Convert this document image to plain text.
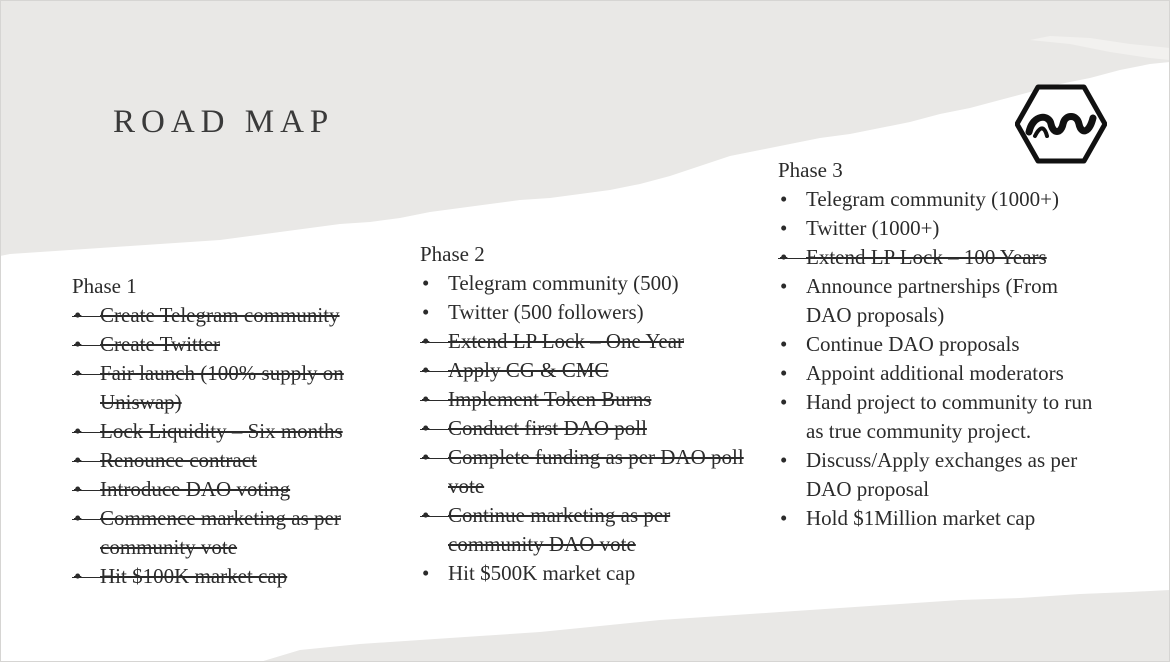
ROAD MAP
Phase 1
• Create Telegram community
• Create Twitter
• Fair launch (100% supply on Uniswap)
• Lock Liquidity – Six months
• Renounce contract
• Introduce DAO voting
• Commence marketing as per community vote
• Hit $100K market cap
Phase 2
• Telegram community (500)
• Twitter (500 followers)
• Extend LP Lock – One Year
• Apply CG & CMC
• Implement Token Burns
• Conduct first DAO poll
• Complete funding as per DAO poll vote
• Continue marketing as per community DAO vote
• Hit $500K market cap
Phase 3
• Telegram community (1000+)
• Twitter (1000+)
• Extend LP Lock – 100 Years
• Announce partnerships (From DAO proposals)
• Continue DAO proposals
• Appoint additional moderators
• Hand project to community to run as true community project.
• Discuss/Apply exchanges as per DAO proposal
• Hold $1Million market cap
